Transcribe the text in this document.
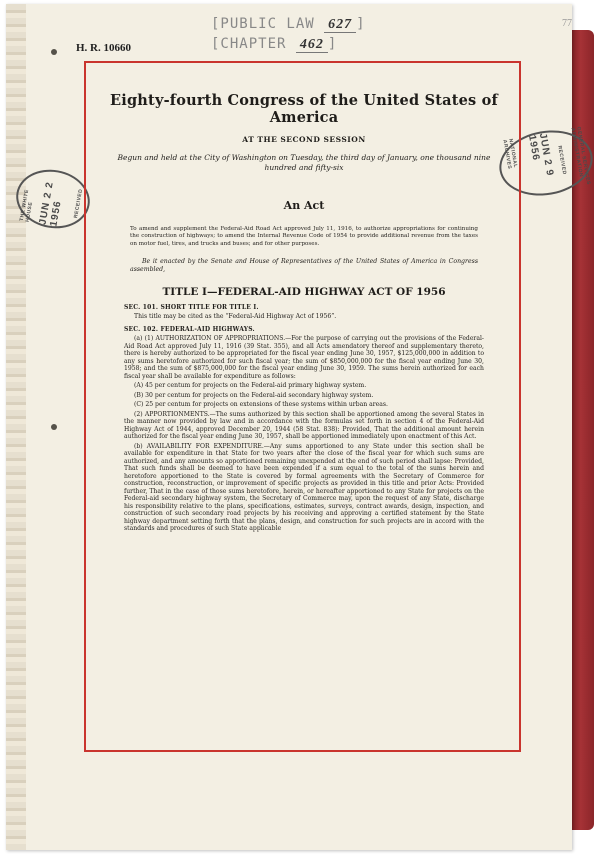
H. R. 10660
77
[PUBLIC LAW 627 ]
[CHAPTER 462 ]
THE WHITE HOUSE JUN 2 2 1956	RECEIVED
GENERAL SERVICES ADMINISTRATION
RECEIVED
JUN 2 9 1956
NATIONAL ARCHIVES
Eighty-fourth Congress of the United States of America
AT THE SECOND SESSION
Begun and held at the City of Washington on Tuesday, the third day of January, one thousand nine hundred and fifty-six
An Act
To amend and supplement the Federal-Aid Road Act approved July 11, 1916, to authorize appropriations for continuing the construction of highways; to amend the Internal Revenue Code of 1954 to provide additional revenue from the taxes on motor fuel, tires, and trucks and buses; and for other purposes.
Be it enacted by the Senate and House of Representatives of the United States of America in Congress assembled,
TITLE I—FEDERAL-AID HIGHWAY ACT OF 1956
SEC. 101. SHORT TITLE FOR TITLE I.
This title may be cited as the “Federal-Aid Highway Act of 1956”.
SEC. 102. FEDERAL-AID HIGHWAYS.
(a) (1) AUTHORIZATION OF APPROPRIATIONS.—For the purpose of carrying out the provisions of the Federal-Aid Road Act approved July 11, 1916 (39 Stat. 355), and all Acts amendatory thereof and supplementary thereto, there is hereby authorized to be appropriated for the fiscal year ending June 30, 1957, $125,000,000 in addition to any sums heretofore authorized for such fiscal year; the sum of $850,000,000 for the fiscal year ending June 30, 1958; and the sum of $875,000,000 for the fiscal year ending June 30, 1959. The sums herein authorized for each fiscal year shall be available for expenditure as follows:
(A) 45 per centum for projects on the Federal-aid primary highway system.
(B) 30 per centum for projects on the Federal-aid secondary highway system.
(C) 25 per centum for projects on extensions of these systems within urban areas.
(2) APPORTIONMENTS.—The sums authorized by this section shall be apportioned among the several States in the manner now provided by law and in accordance with the formulas set forth in section 4 of the Federal-Aid Highway Act of 1944, approved December 20, 1944 (58 Stat. 838): Provided, That the additional amount herein authorized for the fiscal year ending June 30, 1957, shall be apportioned immediately upon enactment of this Act.
(b) AVAILABILITY FOR EXPENDITURE.—Any sums apportioned to any State under this section shall be available for expenditure in that State for two years after the close of the fiscal year for which such sums are authorized, and any amounts so apportioned remaining unexpended at the end of such period shall lapse: Provided, That such funds shall be deemed to have been expended if a sum equal to the total of the sums herein and heretofore apportioned to the State is covered by formal agreements with the Secretary of Commerce for construction, reconstruction, or improvement of specific projects as provided in this title and prior Acts: Provided further, That in the case of those sums heretofore, herein, or hereafter apportioned to any State for projects on the Federal-aid secondary highway system, the Secretary of Commerce may, upon the request of any State, discharge his responsibility relative to the plans, specifications, estimates, surveys, contract awards, design, inspection, and construction of such secondary road projects by his receiving and approving a certified statement by the State highway department setting forth that the plans, design, and construction for such projects are in accord with the standards and procedures of such State applicable
